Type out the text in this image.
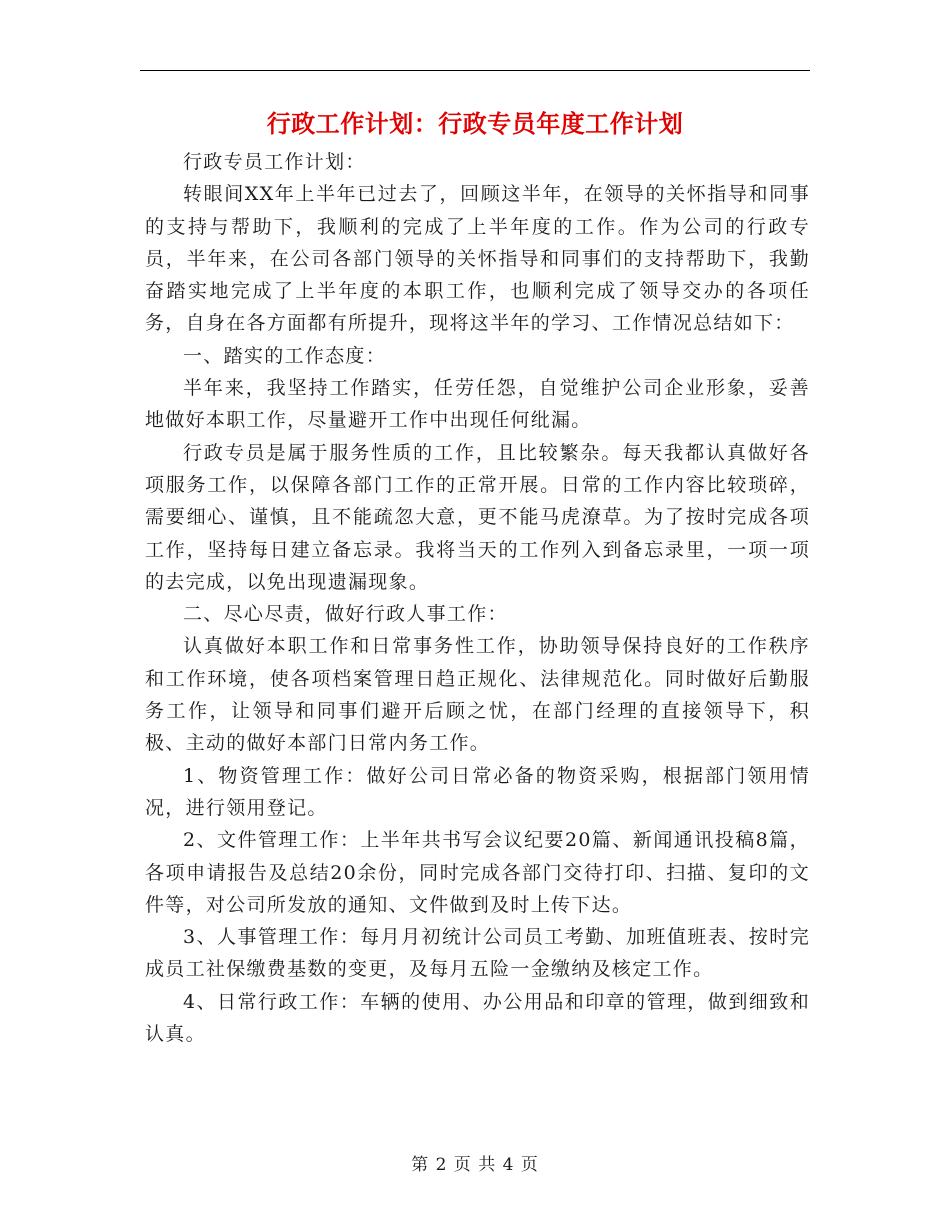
行政工作计划：行政专员年度工作计划

行政专员工作计划：

转眼间XX年上半年已过去了，回顾这半年，在领导的关怀指导和同事的支持与帮助下，我顺利的完成了上半年度的工作。作为公司的行政专员，半年来，在公司各部门领导的关怀指导和同事们的支持帮助下，我勤奋踏实地完成了上半年度的本职工作，也顺利完成了领导交办的各项任务，自身在各方面都有所提升，现将这半年的学习、工作情况总结如下：

一、踏实的工作态度：

半年来，我坚持工作踏实，任劳任怨，自觉维护公司企业形象，妥善地做好本职工作，尽量避开工作中出现任何纰漏。

行政专员是属于服务性质的工作，且比较繁杂。每天我都认真做好各项服务工作，以保障各部门工作的正常开展。日常的工作内容比较琐碎，需要细心、谨慎，且不能疏忽大意，更不能马虎潦草。为了按时完成各项工作，坚持每日建立备忘录。我将当天的工作列入到备忘录里，一项一项的去完成，以免出现遗漏现象。

二、尽心尽责，做好行政人事工作：

认真做好本职工作和日常事务性工作，协助领导保持良好的工作秩序和工作环境，使各项档案管理日趋正规化、法律规范化。同时做好后勤服务工作，让领导和同事们避开后顾之忧，在部门经理的直接领导下，积极、主动的做好本部门日常内务工作。

1、物资管理工作：做好公司日常必备的物资采购，根据部门领用情况，进行领用登记。

2、文件管理工作：上半年共书写会议纪要20篇、新闻通讯投稿8篇，各项申请报告及总结20余份，同时完成各部门交待打印、扫描、复印的文件等，对公司所发放的通知、文件做到及时上传下达。

3、人事管理工作：每月月初统计公司员工考勤、加班值班表、按时完成员工社保缴费基数的变更，及每月五险一金缴纳及核定工作。

4、日常行政工作：车辆的使用、办公用品和印章的管理，做到细致和认真。

第 2 页 共 4 页
